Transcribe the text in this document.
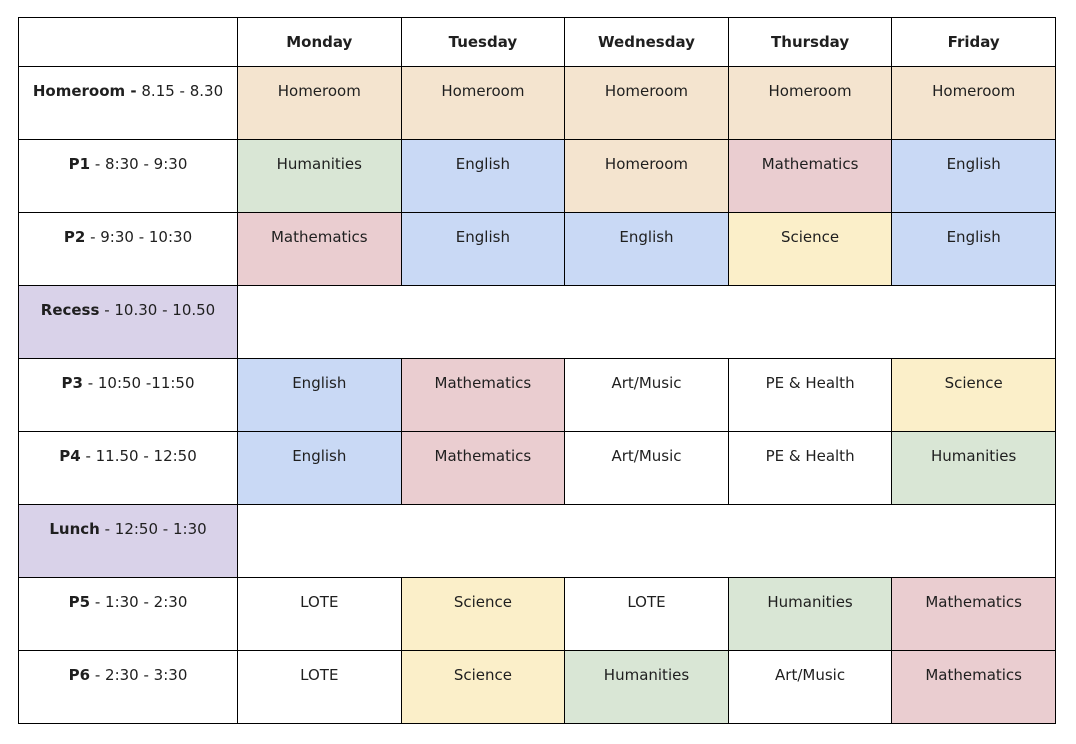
	Monday	Tuesday	Wednesday	Thursday	Friday

Homeroom - 8.15 - 8.30	Homeroom	Homeroom	Homeroom	Homeroom	Homeroom

P1 - 8:30 - 9:30	Humanities	English	Homeroom	Mathematics	English

P2 - 9:30 - 10:30	Mathematics	English	English	Science	English

Recess - 10.30 - 10.50					

P3 - 10:50 -11:50	English	Mathematics	Art/Music	PE & Health	Science

P4 - 11.50 - 12:50	English	Mathematics	Art/Music	PE & Health	Humanities

Lunch - 12:50 - 1:30					

P5 - 1:30 - 2:30	LOTE	Science	LOTE	Humanities	Mathematics

P6 - 2:30 - 3:30	LOTE	Science	Humanities	Art/Music	Mathematics
